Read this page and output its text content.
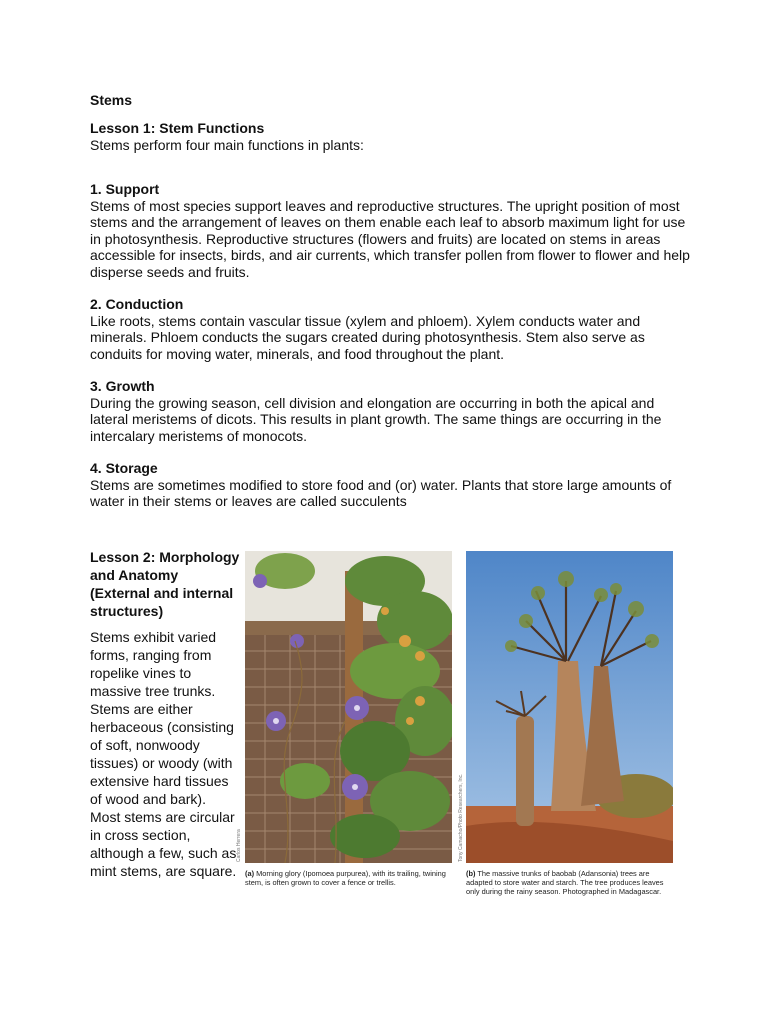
Stems
Lesson 1: Stem Functions

Stems perform four main functions in plants:

1. Support

Stems of most species support leaves and reproductive structures. The upright position of most stems and the arrangement of leaves on them enable each leaf to absorb maximum light for use in photosynthesis. Reproductive structures (flowers and fruits) are located on stems in areas accessible for insects, birds, and air currents, which transfer pollen from flower to flower and help disperse seeds and fruits.

2. Conduction

Like roots, stems contain vascular tissue (xylem and phloem). Xylem conducts water and minerals. Phloem conducts the sugars created during photosynthesis. Stem also serve as conduits for moving water, minerals, and food throughout the plant.

3. Growth

During the growing season, cell division and elongation are occurring in both the apical and lateral meristems of dicots. This results in plant growth. The same things are occurring in the intercalary meristems of monocots.

4. Storage

Stems are sometimes modified to store food and (or) water. Plants that store large amounts of water in their stems or leaves are called succulents

Lesson 2: Morphology and Anatomy (External and internal structures)
Stems exhibit varied forms, ranging from ropelike vines to massive tree trunks. Stems are either herbaceous (consisting of soft, nonwoody tissues) or woody (with extensive hard tissues of wood and bark). Most stems are circular in cross section, although a few, such as mint stems, are square.	(a) Morning glory (Ipomoea purpurea), with its trailing, twining stem, is often grown to cover a fence or trellis.
Carlos Herrera
(b) The massive trunks of baobab (Adansonia) trees are adapted to store water and starch. The tree produces leaves only during the rainy season. Photographed in Madagascar.
Tony Camacho/Photo Researchers, Inc.
